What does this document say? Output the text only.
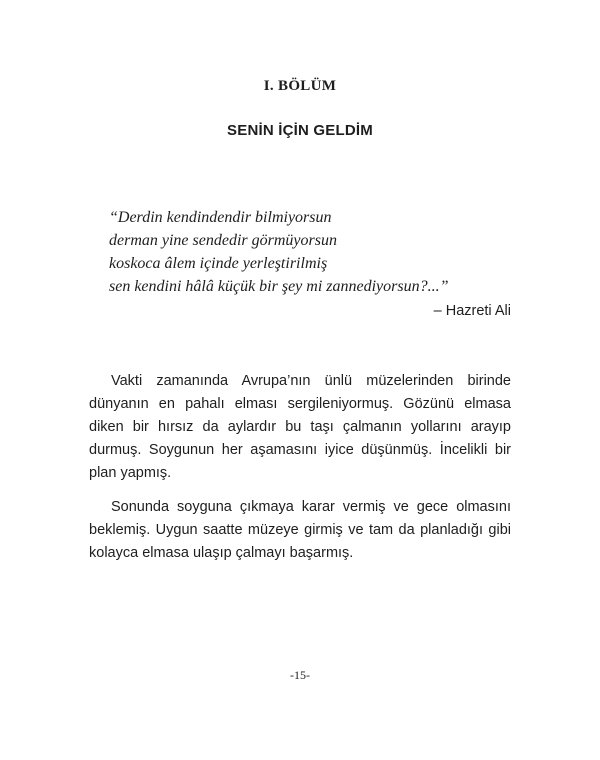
I. BÖLÜM
SENİN İÇİN GELDİM
“Derdin kendindendir bilmiyorsun
derman yine sendedir görmüyorsun
koskoca âlem içinde yerleştirilmiş
sen kendini hâlâ küçük bir şey mi zannediyorsun?...”
– Hazreti Ali

Vakti zamanında Avrupa’nın ünlü müzelerinden birinde dünyanın en pahalı elması sergileniyormuş. Gözünü elmasa diken bir hırsız da aylardır bu taşı çalmanın yollarını arayıp durmuş. Soygunun her aşamasını iyice düşünmüş. İncelikli bir plan yapmış.

Sonunda soyguna çıkmaya karar vermiş ve gece olmasını beklemiş. Uygun saatte müzeye girmiş ve tam da planladığı gibi kolayca elmasa ulaşıp çalmayı başarmış.

-15-
